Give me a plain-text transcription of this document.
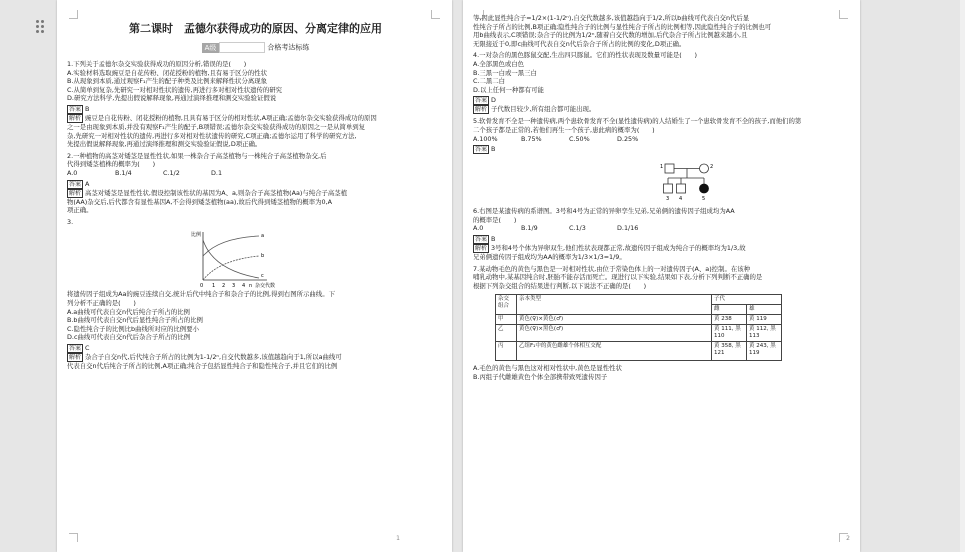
第二课时　孟德尔获得成功的原因、分离定律的应用
A级	合格考达标练
1.下列关于孟德尔杂交实验获得成功的原因分析,错误的是(　　)
A.实验材料选取豌豆是自花传粉、闭花授粉的植物,且有易于区分的性状
B.从现象到本质,通过观察F₁产生的配子种类及比例来解释性状分离现象
C.从简单到复杂,先研究一对相对性状的遗传,再进行多对相对性状遗传的研究
D.研究方法科学,先提出假说解释现象,再通过演绎推理和测交实验验证假说
答案 B
解析 豌豆是自花传粉、闭花授粉的植物,且具有易于区分的相对性状,A项正确;孟德尔杂交实验获得成功的原因
之一是由现象到本质,并没有观察F₁产生的配子,B项错误;孟德尔杂交实验获得成功的原因之一是从简单到复
杂,先研究一对相对性状的遗传,再进行多对相对性状遗传的研究,C项正确;孟德尔运用了科学的研究方法,
先提出假说解释现象,再通过演绎推理和测交实验验证假说,D项正确。
2.一种植物的高茎对矮茎是显性性状,如果一株杂合子高茎植物与一株纯合子高茎植物杂交,后
代得到矮茎植株的概率为(　　)
A.0	B.1/4	C.1/2	D.1
答案 A
解析 高茎对矮茎是显性性状,假设控制该性状的基因为A、a,则杂合子高茎植物(Aa)与纯合子高茎植
物(AA)杂交后,后代都含有显性基因A,不会得到矮茎植物(aa),故后代得到矮茎植物的概率为0,A
项正确。
3.
比例	a
b
c
0 1 2 3 4 n 杂交代数
将遗传因子组成为Aa的豌豆连续自交,统计后代中纯合子和杂合子的比例,得到右图所示曲线。下
列分析不正确的是(　　)
A.a曲线可代表自交n代后纯合子所占的比例
B.b曲线可代表自交n代后显性纯合子所占的比例
C.隐性纯合子的比例比b曲线所对应的比例要小
D.c曲线可代表自交n代后杂合子所占的比例
答案 C
解析 杂合子自交n代,后代纯合子所占的比例为1-1/2ⁿ,自交代数越多,该值越趋向于1,所以a曲线可
代表自交n代后纯合子所占的比例,A项正确;纯合子包括显性纯合子和隐性纯合子,并且它们的比例
1
等,因此显性纯合子=1/2×(1-1/2ⁿ),自交代数越多,该值越趋向于1/2,所以b曲线可代表自交n代后显
性纯合子所占的比例,B项正确;隐性纯合子的比例与显性纯合子所占的比例相等,因此隐性纯合子的比例也可
用b曲线表示,C项错误;杂合子的比例为1/2ⁿ,随着自交代数的增加,后代杂合子所占比例越来越小,且
无限接近于0,即c曲线可代表自交n代后杂合子所占的比例的变化,D项正确。
4.一对杂合的黑色豚鼠交配,生出四只豚鼠。它们的性状表现及数量可能是(　　)
A.全部黑色或白色
B.三黑一白或一黑三白
C.二黑二白
D.以上任何一种都有可能
答案 D
解析 子代数目较少,所有组合都可能出现。
5.软骨发育不全是一种遗传病,两个患软骨发育不全(显性遗传病)的人结婚生了一个患软骨发育不全的孩子,而他们的第
二个孩子都是正常的,若他们再生一个孩子,患此病的概率为(　　)
A.100%	B.75%	C.50%	D.25%
答案 B
1	2
3 4	5
6.右图是某遗传病的系谱图。3号和4号为正常的异卵孪生兄弟,兄弟俩的遗传因子组成均为AA
的概率是(　　)
A.0	B.1/9	C.1/3	D.1/16
答案 B
解析 3号和4号个体为异卵双生,他们性状表现都正常,故遗传因子组成为纯合子的概率均为1/3,故
兄弟俩遗传因子组成均为AA的概率为1/3×1/3=1/9。
7.某动物毛色的黄色与黑色是一对相对性状,由位于常染色体上的一对遗传因子(A、a)控制。在该种
哺乳动物中,某基因纯合时,胚胎不能存活而死亡。现进行以下实验,结果如下表,分析下列判断不正确的是
根据下列杂交组合的结果进行判断,以下说法不正确的是(　　)
杂交组合	亲本类型	子代	
		雌	雄
甲	黄色(♀)×黄色(♂)	黄 238	黄 119
乙	黄色(♀)×黑色(♂)	黄 111, 黑 110	黄 112, 黑 113
丙	乙组F₁中的黄色雌雄个体相互交配	黄 358, 黑 121	黄 243, 黑 119
A.毛色的黄色与黑色这对相对性状中,黄色是显性性状
B.丙组子代雌雄黄色个体全部携带致死遗传因子
2
